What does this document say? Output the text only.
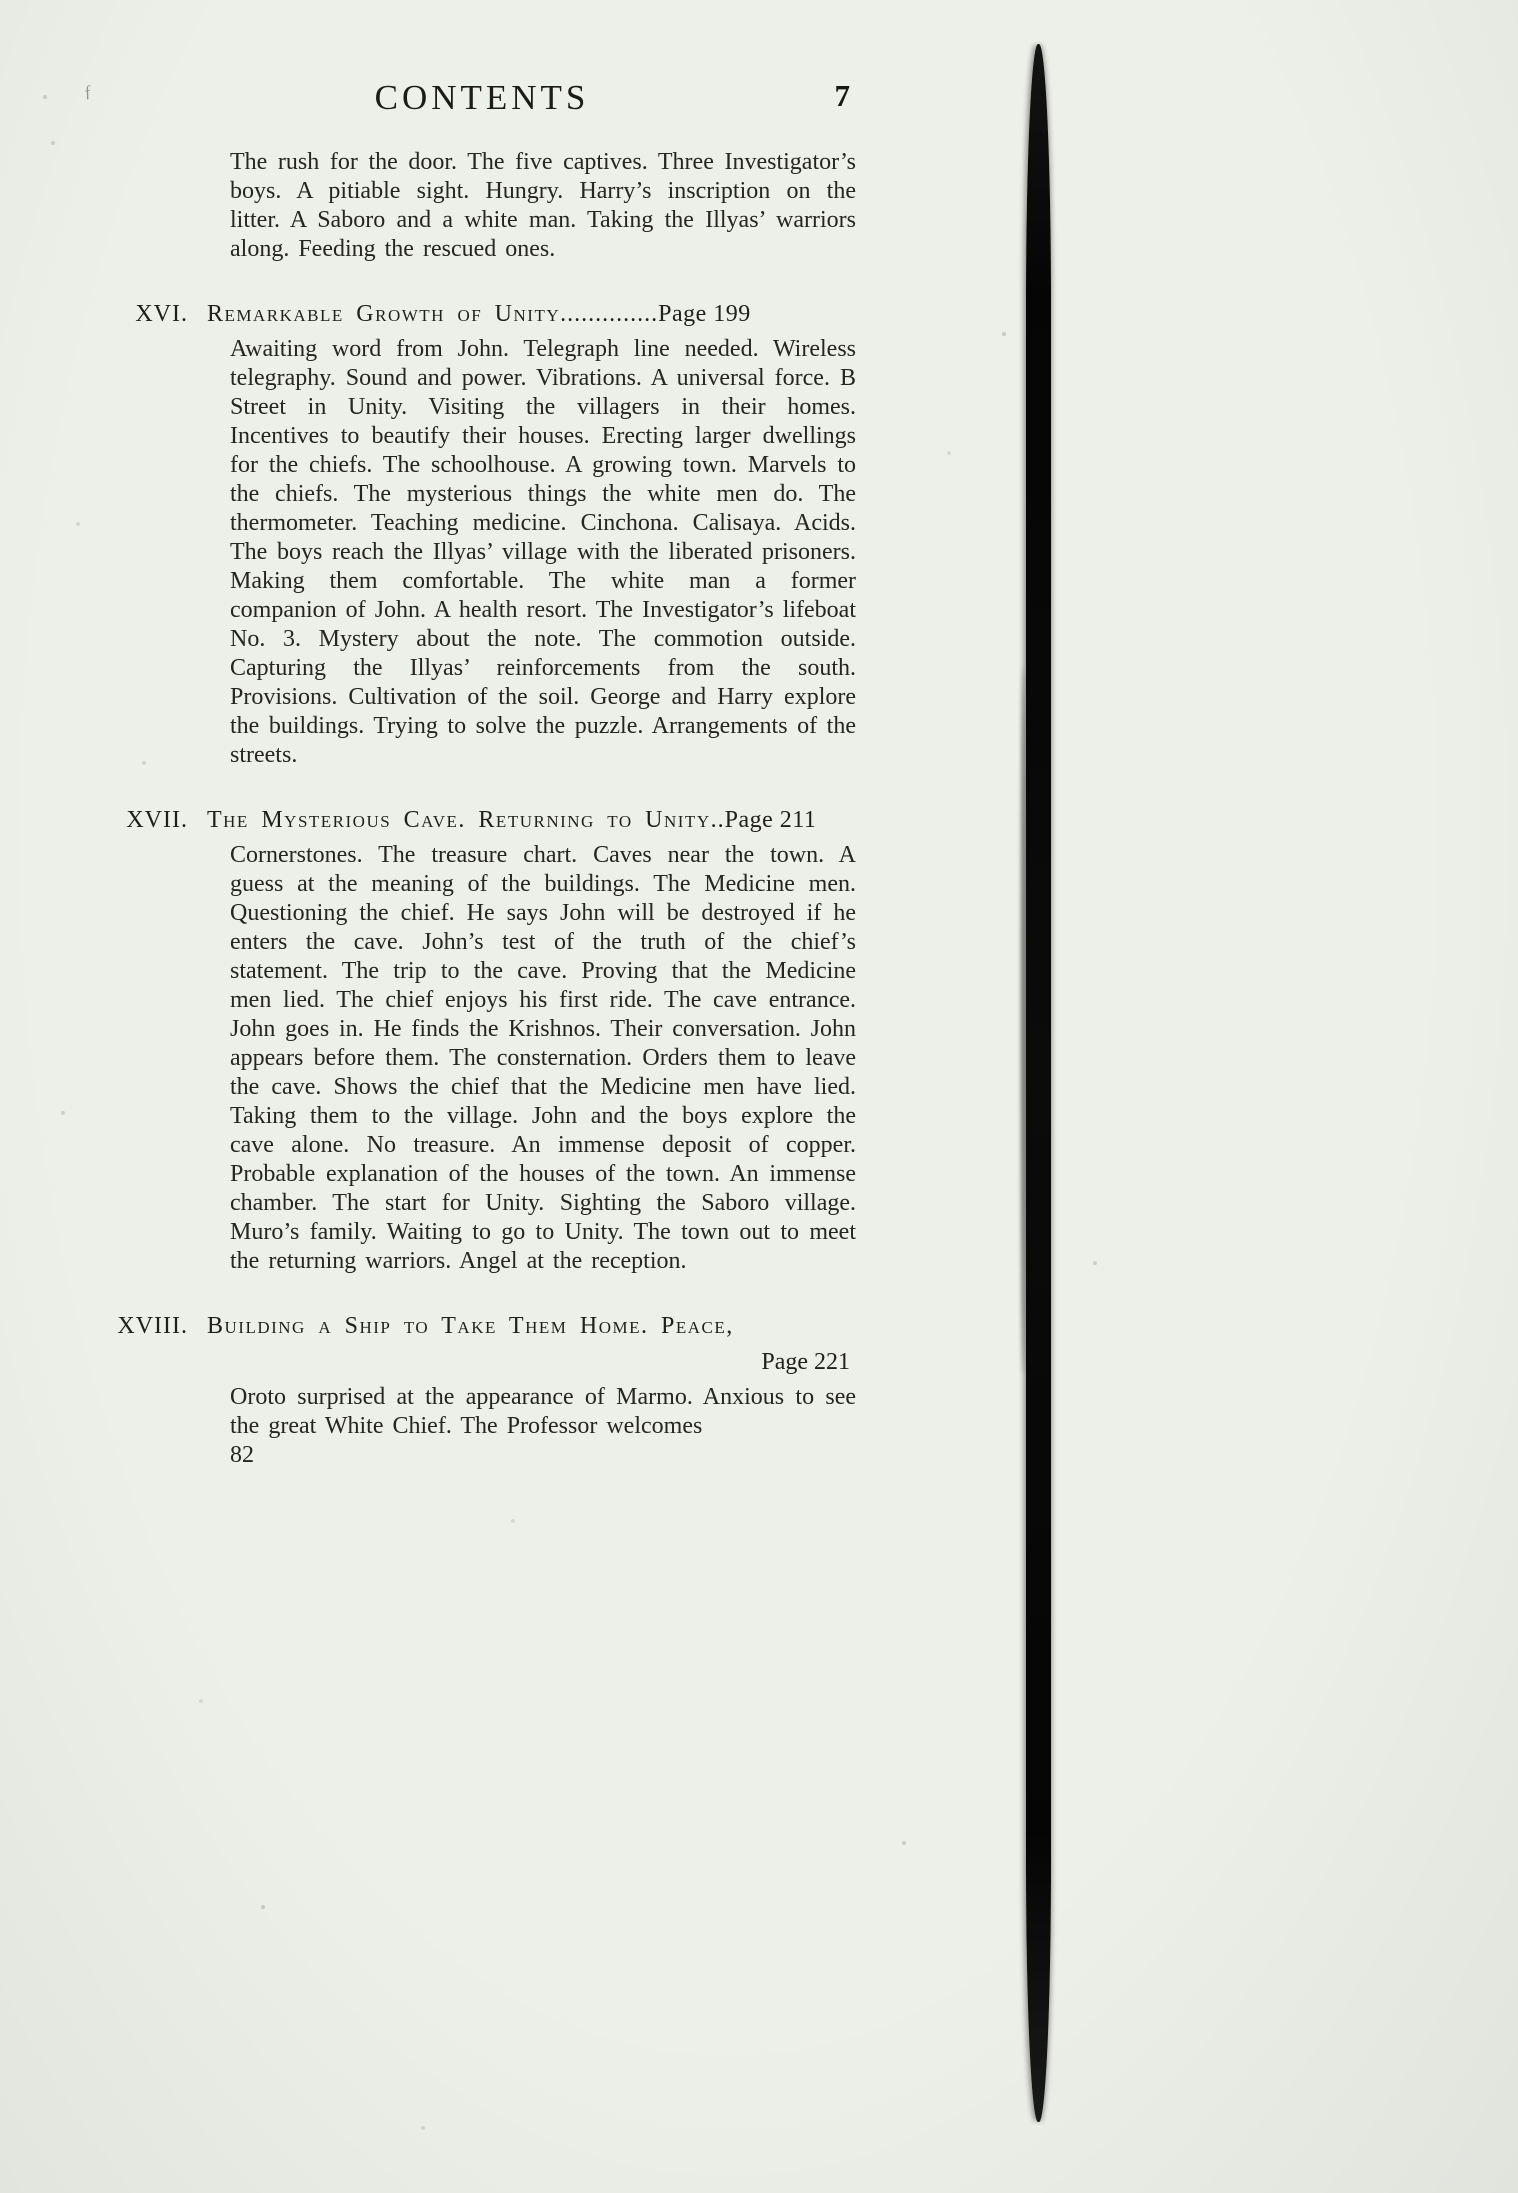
ƒ	CONTENTS	7

The rush for the door. The five captives. Three Investigator’s boys. A pitiable sight. Hungry. Harry’s inscription on the litter. A Saboro and a white man. Taking the Illyas’ warriors along. Feeding the rescued ones.

XVI. Remarkable Growth of Unity..............Page 199

Awaiting word from John. Telegraph line needed. Wireless telegraphy. Sound and power. Vibrations. A universal force. B Street in Unity. Visiting the villagers in their homes. Incentives to beautify their houses. Erecting larger dwellings for the chiefs. The schoolhouse. A growing town. Marvels to the chiefs. The mysterious things the white men do. The thermometer. Teaching medicine. Cinchona. Calisaya. Acids. The boys reach the Illyas’ village with the liberated prisoners. Making them comfortable. The white man a former companion of John. A health resort. The Investigator’s lifeboat No. 3. Mystery about the note. The commotion outside. Capturing the Illyas’ reinforcements from the south. Provisions. Cultivation of the soil. George and Harry explore the buildings. Trying to solve the puzzle. Arrangements of the streets.

XVII. The Mysterious Cave. Returning to Unity..Page 211

Cornerstones. The treasure chart. Caves near the town. A guess at the meaning of the buildings. The Medicine men. Questioning the chief. He says John will be destroyed if he enters the cave. John’s test of the truth of the chief’s statement. The trip to the cave. Proving that the Medicine men lied. The chief enjoys his first ride. The cave entrance. John goes in. He finds the Krishnos. Their conversation. John appears before them. The consternation. Orders them to leave the cave. Shows the chief that the Medicine men have lied. Taking them to the village. John and the boys explore the cave alone. No treasure. An immense deposit of copper. Probable explanation of the houses of the town. An immense chamber. The start for Unity. Sighting the Saboro village. Muro’s family. Waiting to go to Unity. The town out to meet the returning warriors. Angel at the reception.

XVIII. Building a Ship to Take Them Home. Peace,
Page 221

Oroto surprised at the appearance of Marmo. Anxious to see the great White Chief. The Professor welcomes

82
